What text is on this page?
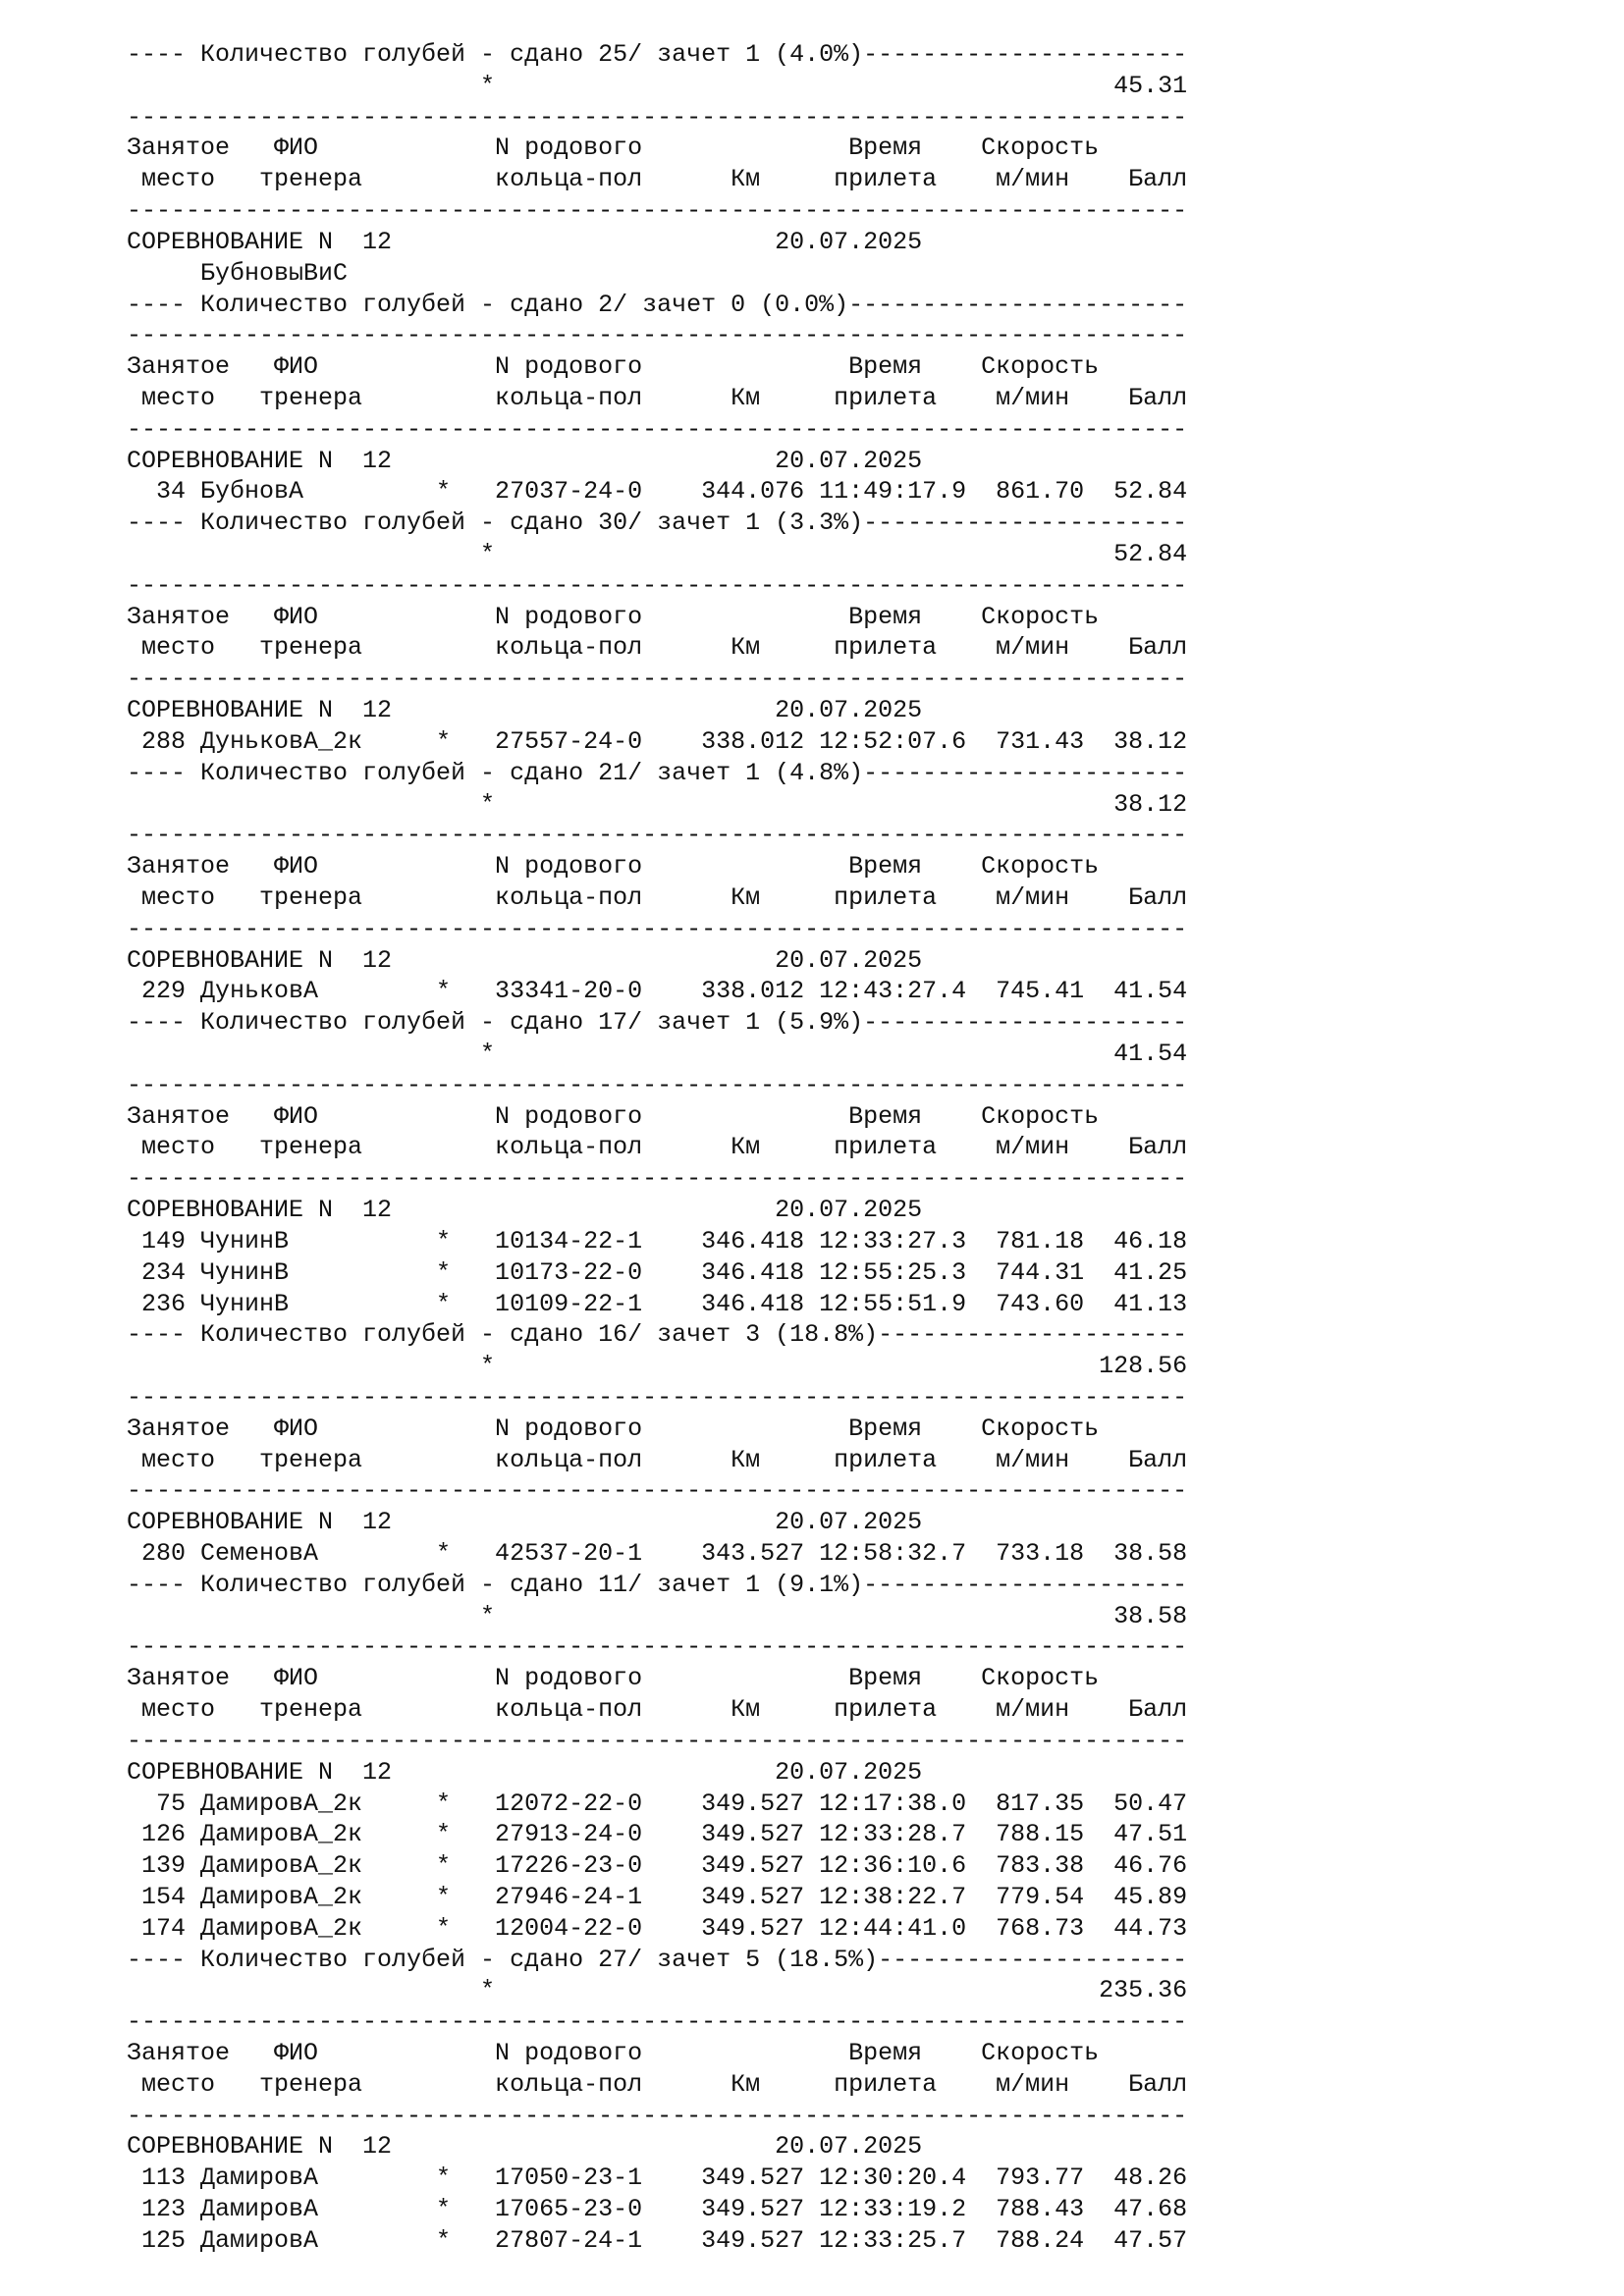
---- Количество голубей - сдано 25/ зачет 1 (4.0%)----------------------
*                                          45.31
------------------------------------------------------------------------
Занятое   ФИО            N родового              Время    Скорость
место   тренера         кольца-пол      Км     прилета    м/мин    Балл
------------------------------------------------------------------------
СОРЕВНОВАНИЕ N  12                          20.07.2025
БубновыВиС
---- Количество голубей - сдано 2/ зачет 0 (0.0%)-----------------------
------------------------------------------------------------------------
Занятое   ФИО            N родового              Время    Скорость
место   тренера         кольца-пол      Км     прилета    м/мин    Балл
------------------------------------------------------------------------
СОРЕВНОВАНИЕ N  12                          20.07.2025
34 БубновА         *   27037-24-0    344.076 11:49:17.9  861.70  52.84
---- Количество голубей - сдано 30/ зачет 1 (3.3%)----------------------
*                                          52.84
------------------------------------------------------------------------
Занятое   ФИО            N родового              Время    Скорость
место   тренера         кольца-пол      Км     прилета    м/мин    Балл
------------------------------------------------------------------------
СОРЕВНОВАНИЕ N  12                          20.07.2025
288 ДуньковА_2к     *   27557-24-0    338.012 12:52:07.6  731.43  38.12
---- Количество голубей - сдано 21/ зачет 1 (4.8%)----------------------
*                                          38.12
------------------------------------------------------------------------
Занятое   ФИО            N родового              Время    Скорость
место   тренера         кольца-пол      Км     прилета    м/мин    Балл
------------------------------------------------------------------------
СОРЕВНОВАНИЕ N  12                          20.07.2025
229 ДуньковА        *   33341-20-0    338.012 12:43:27.4  745.41  41.54
---- Количество голубей - сдано 17/ зачет 1 (5.9%)----------------------
*                                          41.54
------------------------------------------------------------------------
Занятое   ФИО            N родового              Время    Скорость
место   тренера         кольца-пол      Км     прилета    м/мин    Балл
------------------------------------------------------------------------
СОРЕВНОВАНИЕ N  12                          20.07.2025
149 ЧунинВ          *   10134-22-1    346.418 12:33:27.3  781.18  46.18
234 ЧунинВ          *   10173-22-0    346.418 12:55:25.3  744.31  41.25
236 ЧунинВ          *   10109-22-1    346.418 12:55:51.9  743.60  41.13
---- Количество голубей - сдано 16/ зачет 3 (18.8%)---------------------
*                                         128.56
------------------------------------------------------------------------
Занятое   ФИО            N родового              Время    Скорость
место   тренера         кольца-пол      Км     прилета    м/мин    Балл
------------------------------------------------------------------------
СОРЕВНОВАНИЕ N  12                          20.07.2025
280 СеменовА        *   42537-20-1    343.527 12:58:32.7  733.18  38.58
---- Количество голубей - сдано 11/ зачет 1 (9.1%)----------------------
*                                          38.58
------------------------------------------------------------------------
Занятое   ФИО            N родового              Время    Скорость
место   тренера         кольца-пол      Км     прилета    м/мин    Балл
------------------------------------------------------------------------
СОРЕВНОВАНИЕ N  12                          20.07.2025
75 ДамировА_2к     *   12072-22-0    349.527 12:17:38.0  817.35  50.47
126 ДамировА_2к     *   27913-24-0    349.527 12:33:28.7  788.15  47.51
139 ДамировА_2к     *   17226-23-0    349.527 12:36:10.6  783.38  46.76
154 ДамировА_2к     *   27946-24-1    349.527 12:38:22.7  779.54  45.89
174 ДамировА_2к     *   12004-22-0    349.527 12:44:41.0  768.73  44.73
---- Количество голубей - сдано 27/ зачет 5 (18.5%)---------------------
*                                         235.36
------------------------------------------------------------------------
Занятое   ФИО            N родового              Время    Скорость
место   тренера         кольца-пол      Км     прилета    м/мин    Балл
------------------------------------------------------------------------
СОРЕВНОВАНИЕ N  12                          20.07.2025
113 ДамировА        *   17050-23-1    349.527 12:30:20.4  793.77  48.26
123 ДамировА        *   17065-23-0    349.527 12:33:19.2  788.43  47.68
125 ДамировА        *   27807-24-1    349.527 12:33:25.7  788.24  47.57
